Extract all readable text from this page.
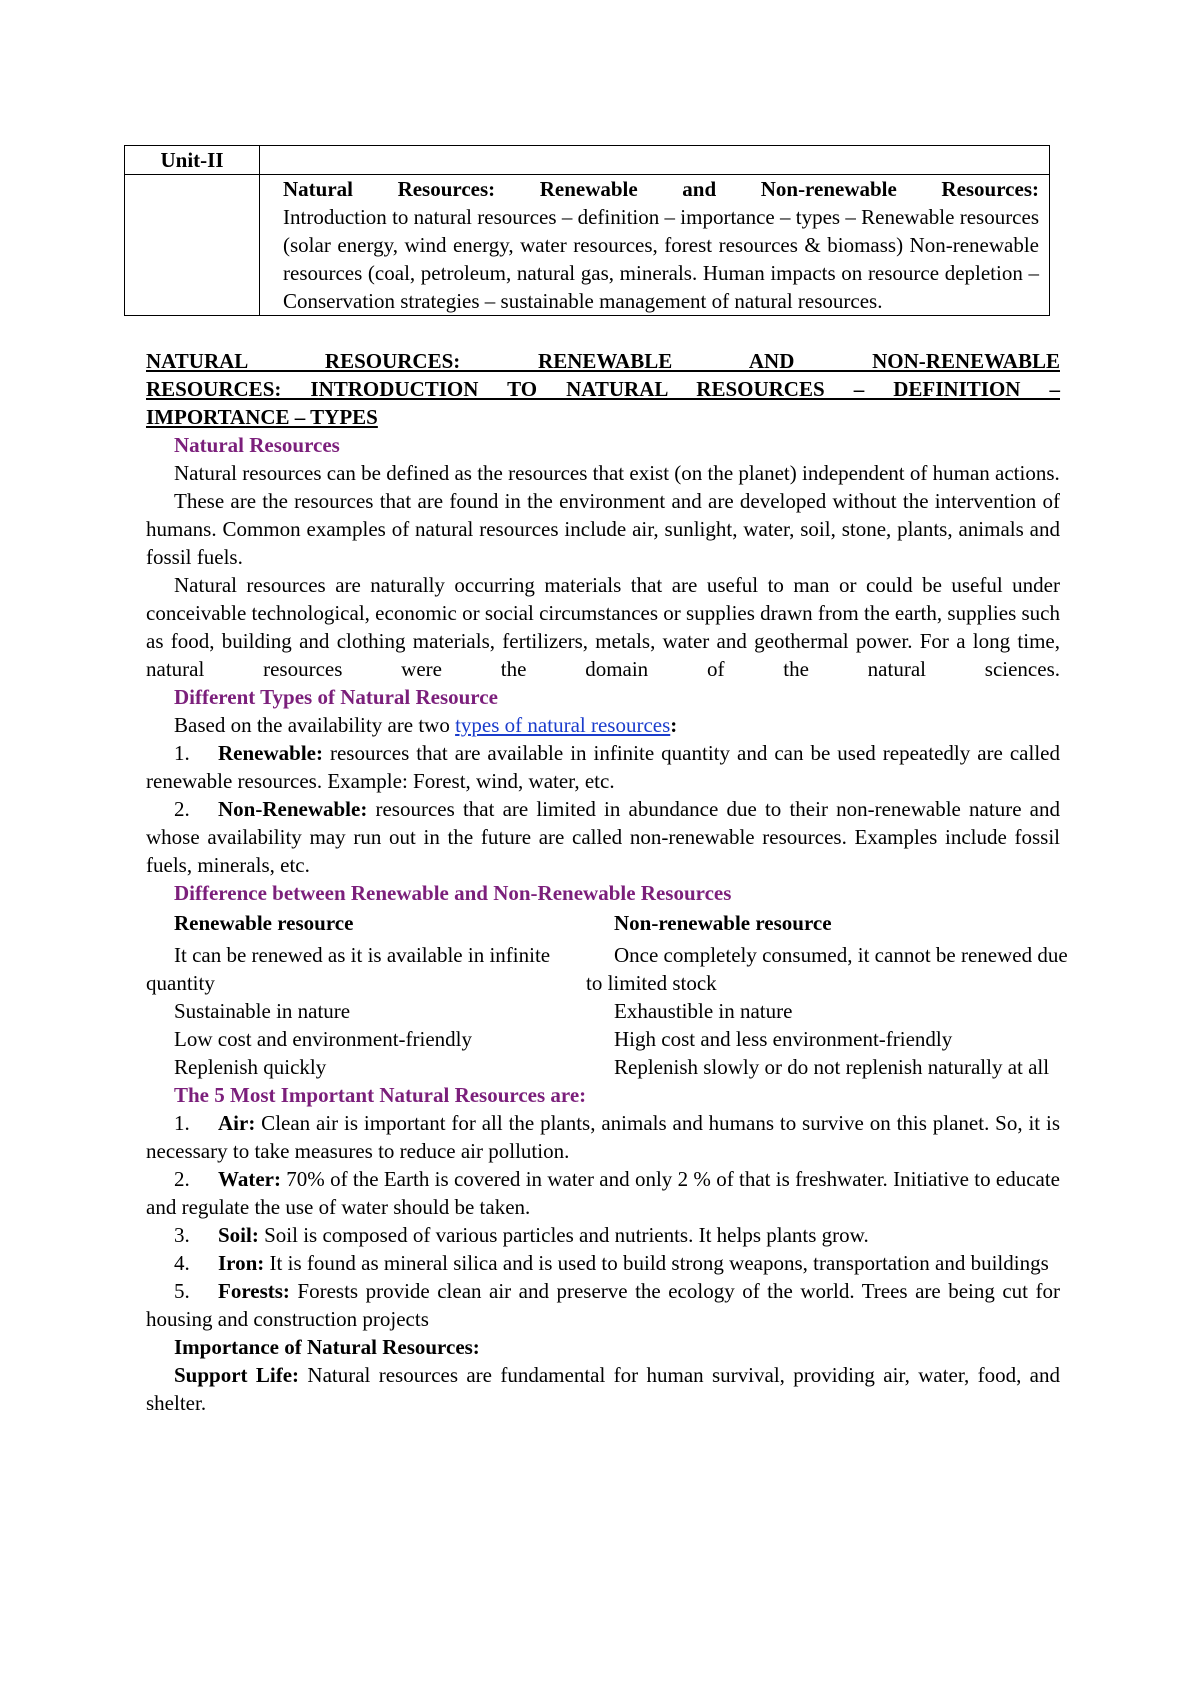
Unit-II	

	Natural Resources: Renewable and Non-renewable Resources:
Introduction to natural resources – definition – importance – types – Renewable resources (solar energy, wind energy, water resources, forest resources & biomass) Non-renewable resources (coal, petroleum, natural gas, minerals. Human impacts on resource depletion – Conservation strategies – sustainable management of natural resources.
NATURAL RESOURCES: RENEWABLE AND NON-RENEWABLE
RESOURCES: INTRODUCTION TO NATURAL RESOURCES – DEFINITION –
IMPORTANCE – TYPES
Natural Resources

Natural resources can be defined as the resources that exist (on the planet) independent of human actions.

These are the resources that are found in the environment and are developed without the intervention of humans. Common examples of natural resources include air, sunlight, water, soil, stone, plants, animals and fossil fuels.

Natural resources are naturally occurring materials that are useful to man or could be useful under conceivable technological, economic or social circumstances or supplies drawn from the earth, supplies such as food, building and clothing materials, fertilizers, metals, water and geothermal power. For a long time, natural resources were the domain of the natural sciences.

Different Types of Natural Resource

Based on the availability are two types of natural resources:

1. Renewable: resources that are available in infinite quantity and can be used repeatedly are called renewable resources. Example: Forest, wind, water, etc.

2. Non-Renewable: resources that are limited in abundance due to their non-renewable nature and whose availability may run out in the future are called non-renewable resources. Examples include fossil fuels, minerals, etc.

Difference between Renewable and Non-Renewable Resources
Renewable resource	Non-renewable resource
It can be renewed as it is available in infinite quantity	Once completely consumed, it cannot be renewed due to limited stock
Sustainable in nature	Exhaustible in nature
Low cost and environment-friendly	High cost and less environment-friendly
Replenish quickly	Replenish slowly or do not replenish naturally at all
The 5 Most Important Natural Resources are:

1. Air: Clean air is important for all the plants, animals and humans to survive on this planet. So, it is necessary to take measures to reduce air pollution.

2. Water: 70% of the Earth is covered in water and only 2 % of that is freshwater. Initiative to educate and regulate the use of water should be taken.

3. Soil: Soil is composed of various particles and nutrients. It helps plants grow.

4. Iron: It is found as mineral silica and is used to build strong weapons, transportation and buildings

5. Forests: Forests provide clean air and preserve the ecology of the world. Trees are being cut for housing and construction projects

Importance of Natural Resources:

Support Life: Natural resources are fundamental for human survival, providing air, water, food, and shelter.
